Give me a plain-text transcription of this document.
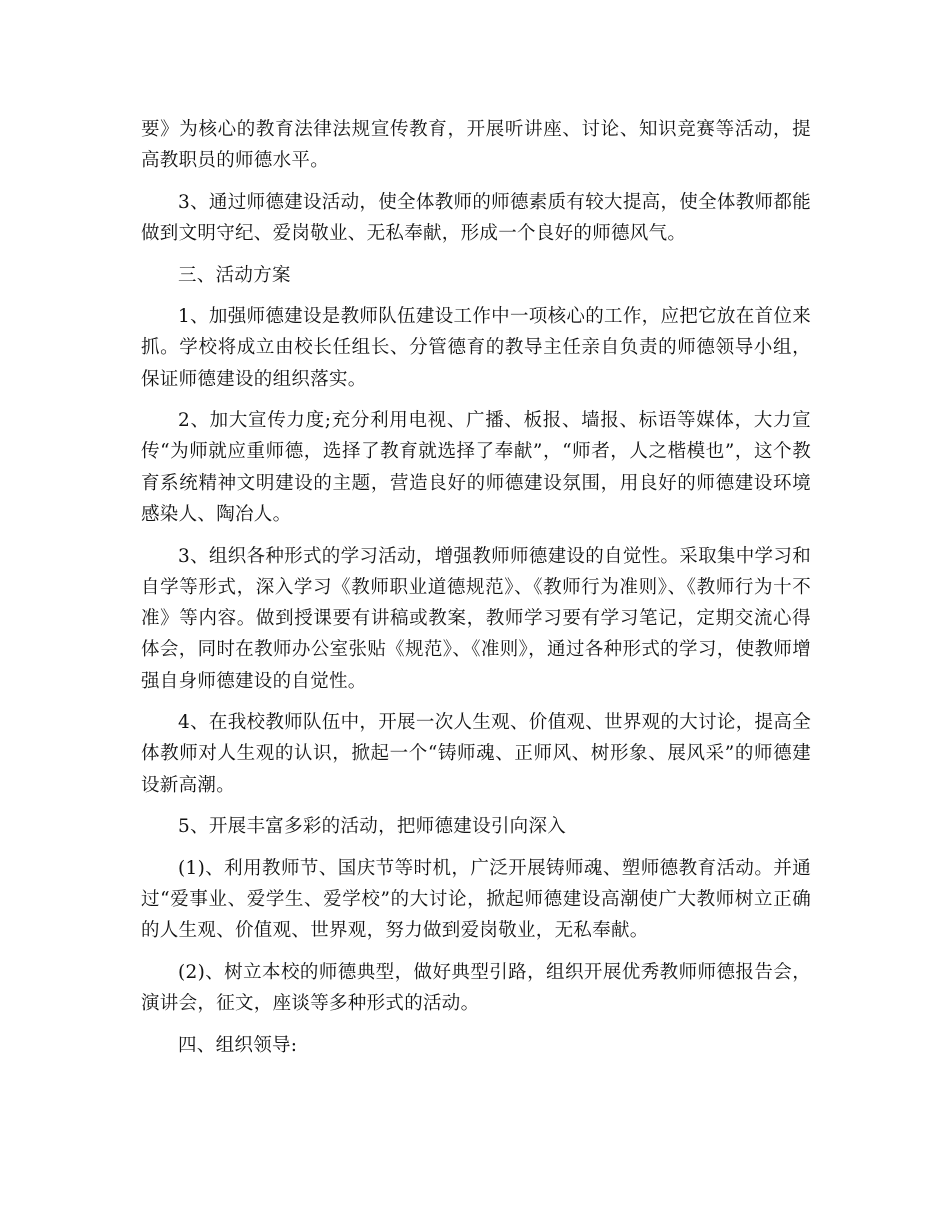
要》为核心的教育法律法规宣传教育，开展听讲座、讨论、知识竞赛等活动，提高教职员的师德水平。

3、通过师德建设活动，使全体教师的师德素质有较大提高，使全体教师都能做到文明守纪、爱岗敬业、无私奉献，形成一个良好的师德风气。

三、活动方案

1、加强师德建设是教师队伍建设工作中一项核心的工作，应把它放在首位来抓。学校将成立由校长任组长、分管德育的教导主任亲自负责的师德领导小组，保证师德建设的组织落实。

2、加大宣传力度;充分利用电视、广播、板报、墙报、标语等媒体，大力宣传“为师就应重师德，选择了教育就选择了奉献”，“师者，人之楷模也”，这个教育系统精神文明建设的主题，营造良好的师德建设氛围，用良好的师德建设环境感染人、陶冶人。

3、组织各种形式的学习活动，增强教师师德建设的自觉性。采取集中学习和自学等形式，深入学习《教师职业道德规范》、《教师行为准则》、《教师行为十不准》等内容。做到授课要有讲稿或教案，教师学习要有学习笔记，定期交流心得体会，同时在教师办公室张贴《规范》、《准则》，通过各种形式的学习，使教师增强自身师德建设的自觉性。

4、在我校教师队伍中，开展一次人生观、价值观、世界观的大讨论，提高全体教师对人生观的认识，掀起一个“铸师魂、正师风、树形象、展风采”的师德建设新高潮。

5、开展丰富多彩的活动，把师德建设引向深入

(1)、利用教师节、国庆节等时机，广泛开展铸师魂、塑师德教育活动。并通过“爱事业、爱学生、爱学校”的大讨论，掀起师德建设高潮使广大教师树立正确的人生观、价值观、世界观，努力做到爱岗敬业，无私奉献。

(2)、树立本校的师德典型，做好典型引路，组织开展优秀教师师德报告会，演讲会，征文，座谈等多种形式的活动。

四、组织领导:
